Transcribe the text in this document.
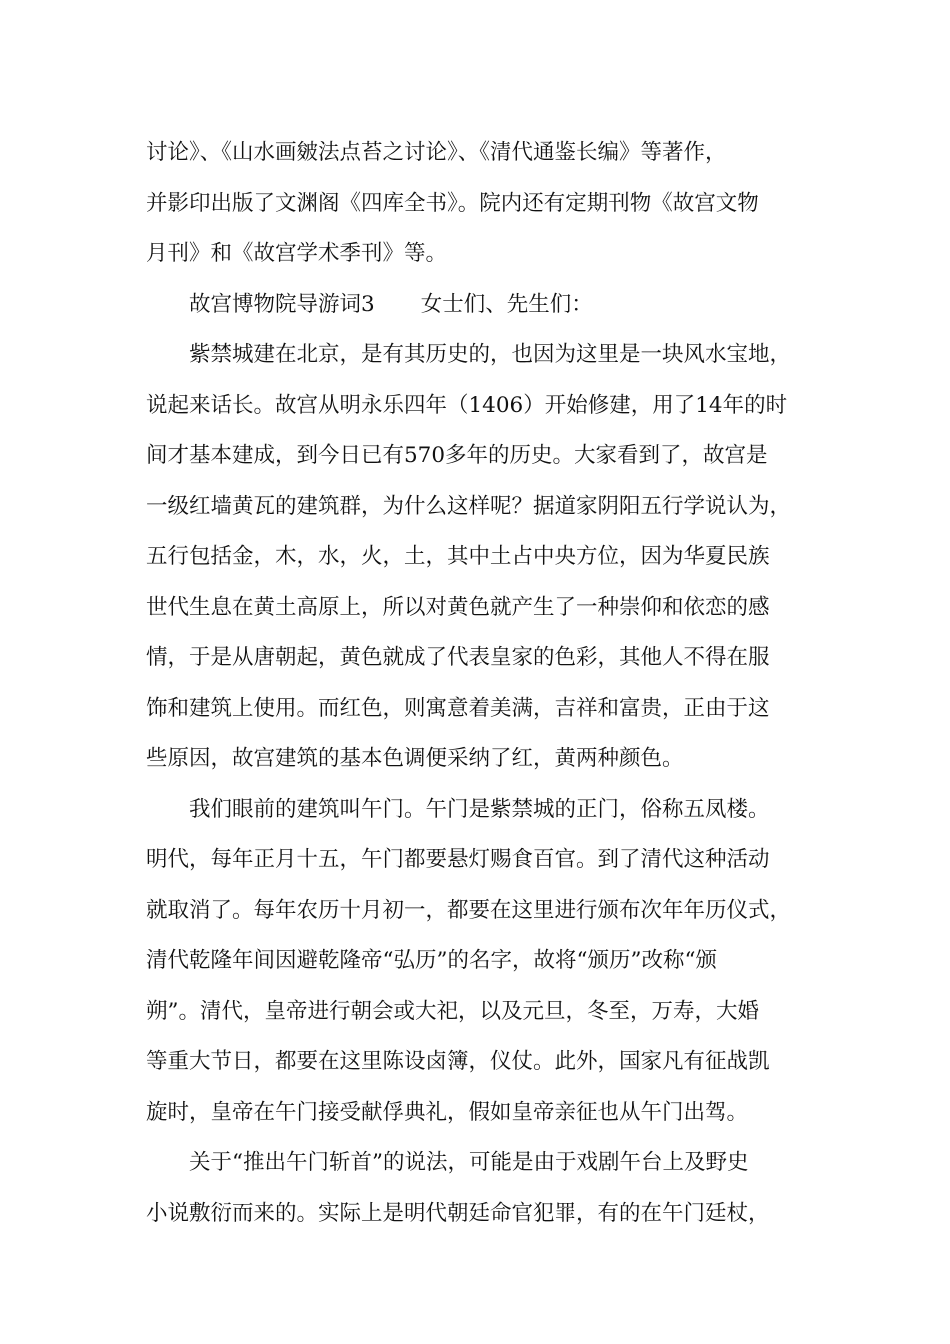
讨论》、《山水画皴法点苔之讨论》、《清代通鉴长编》等著作，
并影印出版了文渊阁《四库全书》。院内还有定期刊物《故宫文物
月刊》和《故宫学术季刊》等。

故宫博物院导游词3 女士们、先生们：

紫禁城建在北京，是有其历史的，也因为这里是一块风水宝地，
说起来话长。故宫从明永乐四年（1406）开始修建，用了14年的时
间才基本建成，到今日已有570多年的历史。大家看到了，故宫是
一级红墙黄瓦的建筑群，为什么这样呢？据道家阴阳五行学说认为，
五行包括金，木，水，火，土，其中土占中央方位，因为华夏民族
世代生息在黄土高原上，所以对黄色就产生了一种崇仰和依恋的感
情，于是从唐朝起，黄色就成了代表皇家的色彩，其他人不得在服
饰和建筑上使用。而红色，则寓意着美满，吉祥和富贵，正由于这
些原因，故宫建筑的基本色调便采纳了红，黄两种颜色。

我们眼前的建筑叫午门。午门是紫禁城的正门，俗称五凤楼。
明代，每年正月十五，午门都要悬灯赐食百官。到了清代这种活动
就取消了。每年农历十月初一，都要在这里进行颁布次年年历仪式，
清代乾隆年间因避乾隆帝“弘历”的名字，故将“颁历”改称“颁
朔”。清代，皇帝进行朝会或大祀，以及元旦，冬至，万寿，大婚
等重大节日，都要在这里陈设卤簿，仪仗。此外，国家凡有征战凯
旋时，皇帝在午门接受献俘典礼，假如皇帝亲征也从午门出驾。

关于“推出午门斩首”的说法，可能是由于戏剧午台上及野史
小说敷衍而来的。实际上是明代朝廷命官犯罪，有的在午门廷杖，
